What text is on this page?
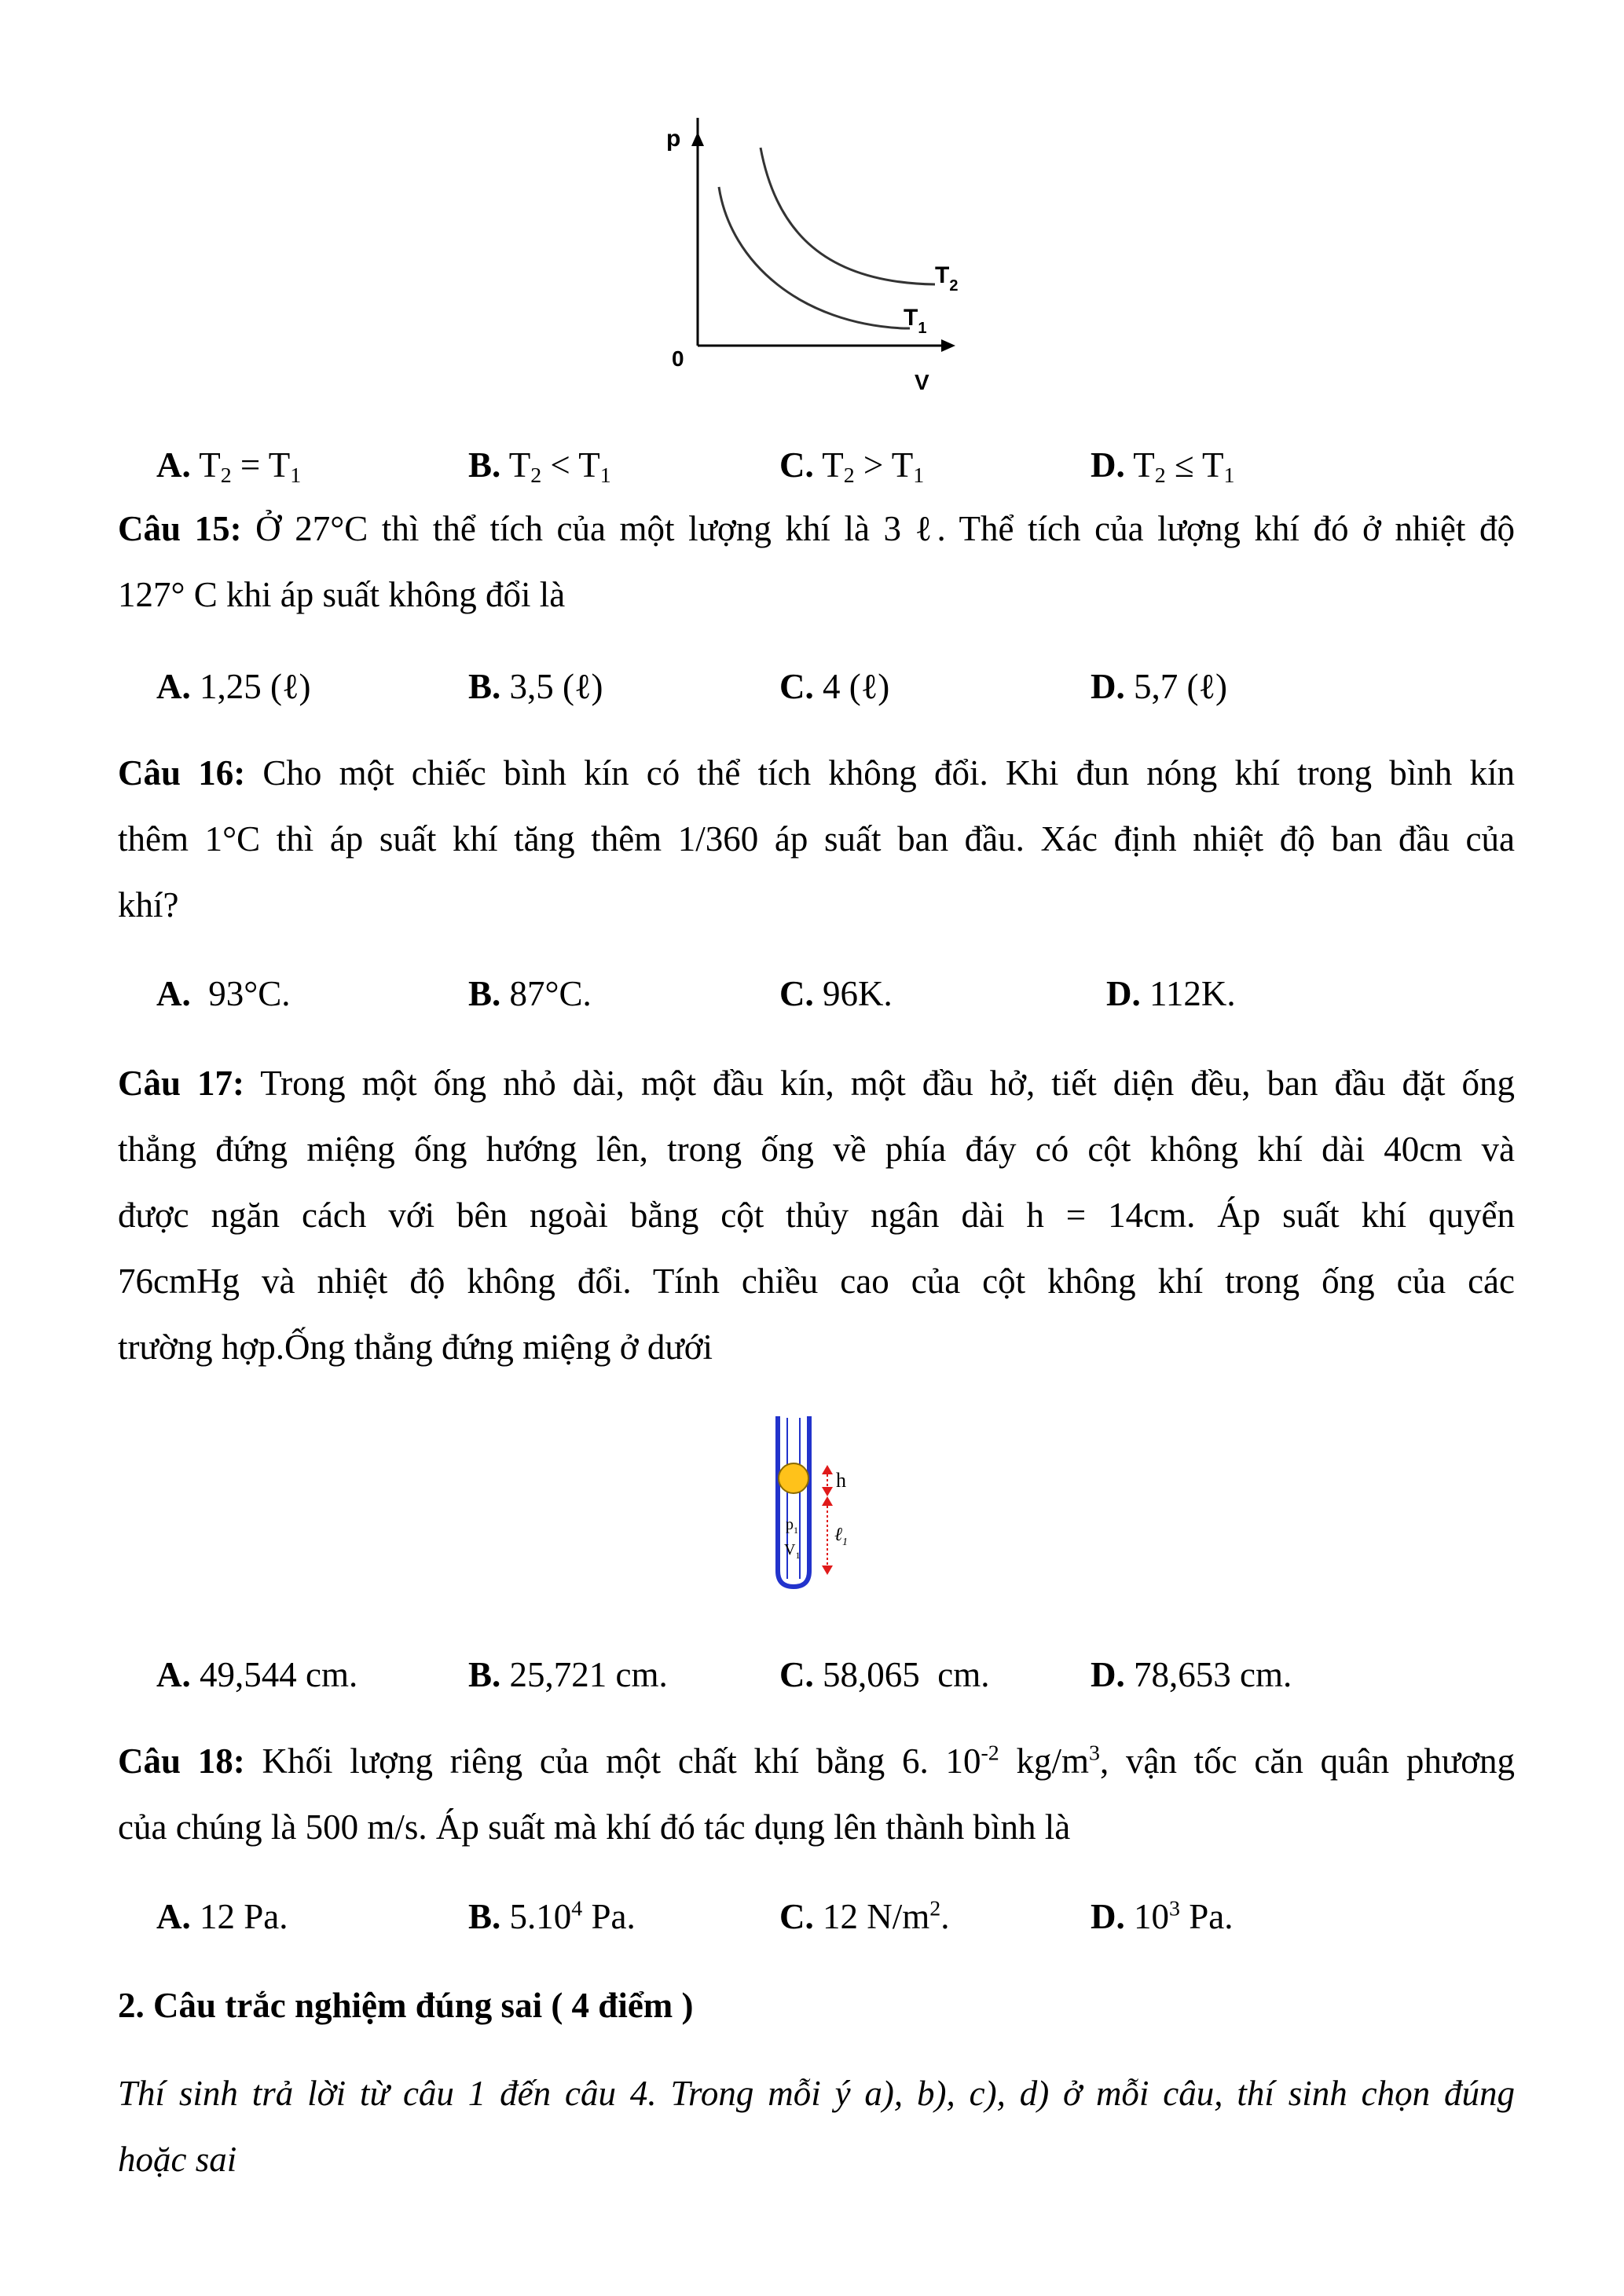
p
0
V
$T_2$
$T_1$
A. $T_2 = T_1$	B. $T_2 < T_1$	C. $T_2 > T_1$	D. $T_2 \le T_1$
Câu 15: Ở 27°C thì thể tích của một lượng khí là 3 ℓ. Thể tích của lượng khí đó ở nhiệt độ
127° C khi áp suất không đổi là
A. 1,25 (ℓ)	B. 3,5 (ℓ)	C. 4 (ℓ)	D. 5,7 (ℓ)
Câu 16: Cho một chiếc bình kín có thể tích không đổi. Khi đun nóng khí trong bình kín
thêm 1°C thì áp suất khí tăng thêm 1/360 áp suất ban đầu. Xác định nhiệt độ ban đầu của
khí?
A.  93°C.	B. 87°C.	C. 96K.	D. 112K.
Câu 17: Trong một ống nhỏ dài, một đầu kín, một đầu hở, tiết diện đều, ban đầu đặt ống
thẳng đứng miệng ống hướng lên, trong ống về phía đáy có cột không khí dài 40cm và
được ngăn cách với bên ngoài bằng cột thủy ngân dài h = 14cm. Áp suất khí quyển
76cmHg và nhiệt độ không đổi. Tính chiều cao của cột không khí trong ống của các
trường hợp.Ống thẳng đứng miệng ở dưới
h
$p_1$
$V_1$
ℓ$_1$
A. 49,544 cm.	B. 25,721 cm.	C. 58,065  cm.	D. 78,653 cm.
Câu 18: Khối lượng riêng của một chất khí bằng 6. $10^{-2}$ $kg/m^3$, vận tốc căn quân phương
của chúng là 500 m/s. Áp suất mà khí đó tác dụng lên thành bình là
A. 12 Pa.	B. 5.10$^4$ Pa.	C. 12 $N/m^2$.	D. $10^3$ Pa.
2. Câu trắc nghiệm đúng sai ( 4 điểm )
Thí sinh trả lời từ câu 1 đến câu 4. Trong mỗi ý a), b), c), d) ở mỗi câu, thí sinh chọn đúng
hoặc sai
